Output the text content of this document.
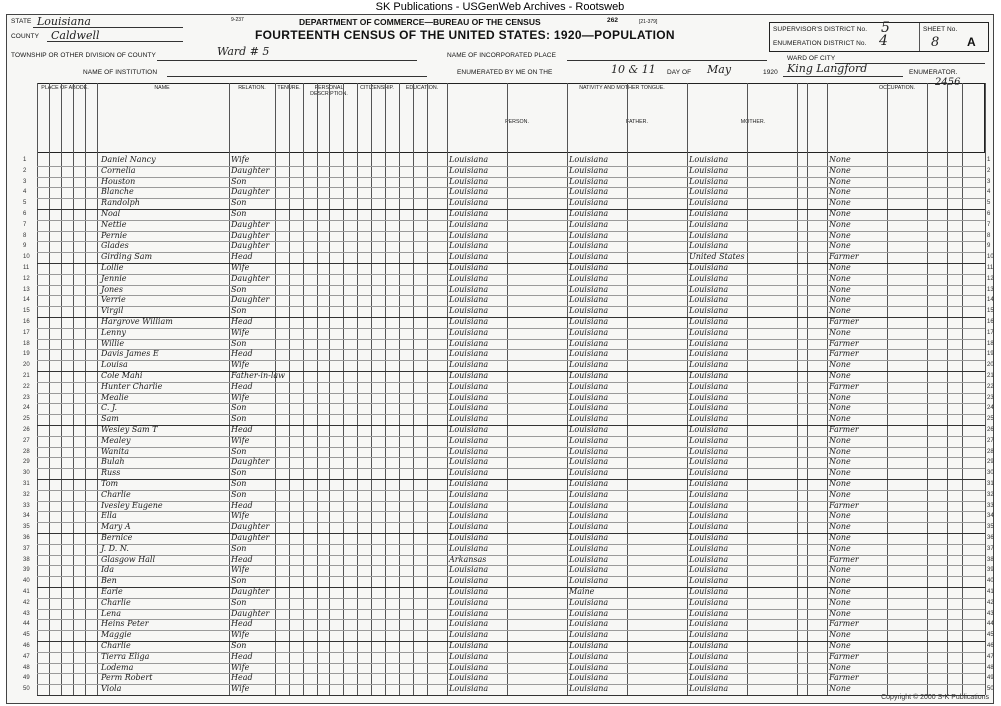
SK Publications - USGenWeb Archives - Rootsweb
STATE Louisiana
COUNTY Caldwell
9-237	DEPARTMENT OF COMMERCE—BUREAU OF THE CENSUS	262	[21-379]
FOURTEENTH CENSUS OF THE UNITED STATES: 1920—POPULATION	SUPERVISOR'S DISTRICT No. 5
ENUMERATION DISTRICT No. 4
SHEET No.
8 A
TOWNSHIP OR OTHER DIVISION OF COUNTY	Ward # 5	NAME OF INCORPORATED PLACE	WARD OF CITY
NAME OF INSTITUTION	ENUMERATED BY ME ON THE	10 & 11 DAY OF May	1920 King Langford	ENUMERATOR.
2456
PLACE OF ABODE.	NAME	RELATION.	TENURE.	PERSONAL DESCRIPTION.
CITIZENSHIP.	EDUCATION.	NATIVITY AND MOTHER TONGUE.
PERSON.	FATHER.	MOTHER.
OCCUPATION.
1	Daniel Nancy	Wife	Louisiana	Louisiana	Louisiana	None	1
2	Cornelia	Daughter	Louisiana	Louisiana	Louisiana	None	2
3	Houston	Son	Louisiana	Louisiana	Louisiana	None	3
4	Blanche	Daughter	Louisiana	Louisiana	Louisiana	None	4
5	Randolph	Son	Louisiana	Louisiana	Louisiana	None	5
6	Noal	Son	Louisiana	Louisiana	Louisiana	None	6
7	Nettie	Daughter	Louisiana	Louisiana	Louisiana	None	7
8	Pernie	Daughter	Louisiana	Louisiana	Louisiana	None	8
9	Glades	Daughter	Louisiana	Louisiana	Louisiana	None	9
10	Girding Sam	Head	Louisiana	Louisiana	United States	Farmer	10
11	Lollie	Wife	Louisiana	Louisiana	Louisiana	None	11
12	Jennie	Daughter	Louisiana	Louisiana	Louisiana	None	12
13	Jones	Son	Louisiana	Louisiana	Louisiana	None	13
14	Verrie	Daughter	Louisiana	Louisiana	Louisiana	None	14
15	Virgil	Son	Louisiana	Louisiana	Louisiana	None	15
16	Hargrove William	Head	Louisiana	Louisiana	Louisiana	Farmer	16
17	Lenny	Wife	Louisiana	Louisiana	Louisiana	None	17
18	Willie	Son	Louisiana	Louisiana	Louisiana	Farmer	18
19	Davis James E	Head	Louisiana	Louisiana	Louisiana	Farmer	19
20	Louisa	Wife	Louisiana	Louisiana	Louisiana	None	20
21	Cole Mahi	Father-in-law	Louisiana	Louisiana	Louisiana	None	21
22	Hunter Charlie	Head	Louisiana	Louisiana	Louisiana	Farmer	22
23	Mealie	Wife	Louisiana	Louisiana	Louisiana	None	23
24	C. J.	Son	Louisiana	Louisiana	Louisiana	None	24
25	Sam	Son	Louisiana	Louisiana	Louisiana	None	25
26	Wesley Sam T	Head	Louisiana	Louisiana	Louisiana	Farmer	26
27	Mealey	Wife	Louisiana	Louisiana	Louisiana	None	27
28	Wanita	Son	Louisiana	Louisiana	Louisiana	None	28
29	Bulah	Daughter	Louisiana	Louisiana	Louisiana	None	29
30	Russ	Son	Louisiana	Louisiana	Louisiana	None	30
31	Tom	Son	Louisiana	Louisiana	Louisiana	None	31
32	Charlie	Son	Louisiana	Louisiana	Louisiana	None	32
33	Ivesley Eugene	Head	Louisiana	Louisiana	Louisiana	Farmer	33
34	Ella	Wife	Louisiana	Louisiana	Louisiana	None	34
35	Mary A	Daughter	Louisiana	Louisiana	Louisiana	None	35
36	Bernice	Daughter	Louisiana	Louisiana	Louisiana	None	36
37	J. D. N.	Son	Louisiana	Louisiana	Louisiana	None	37
38	Glasgow Hall	Head	Arkansas	Louisiana	Louisiana	Farmer	38
39	Ida	Wife	Louisiana	Louisiana	Louisiana	None	39
40	Ben	Son	Louisiana	Louisiana	Louisiana	None	40
41	Earle	Daughter	Louisiana	Maine	Louisiana	None	41
42	Charlie	Son	Louisiana	Louisiana	Louisiana	None	42
43	Lena	Daughter	Louisiana	Louisiana	Louisiana	None	43
44	Heins Peter	Head	Louisiana	Louisiana	Louisiana	Farmer	44
45	Maggie	Wife	Louisiana	Louisiana	Louisiana	None	45
46	Charlie	Son	Louisiana	Louisiana	Louisiana	None	46
47	Tierra Eliga	Head	Louisiana	Louisiana	Louisiana	Farmer	47
48	Lodema	Wife	Louisiana	Louisiana	Louisiana	None	48
49	Perm Robert	Head	Louisiana	Louisiana	Louisiana	Farmer	49
50	Viola	Wife	Louisiana	Louisiana	Louisiana	None	50
Copyright © 2000 S-K Publications
